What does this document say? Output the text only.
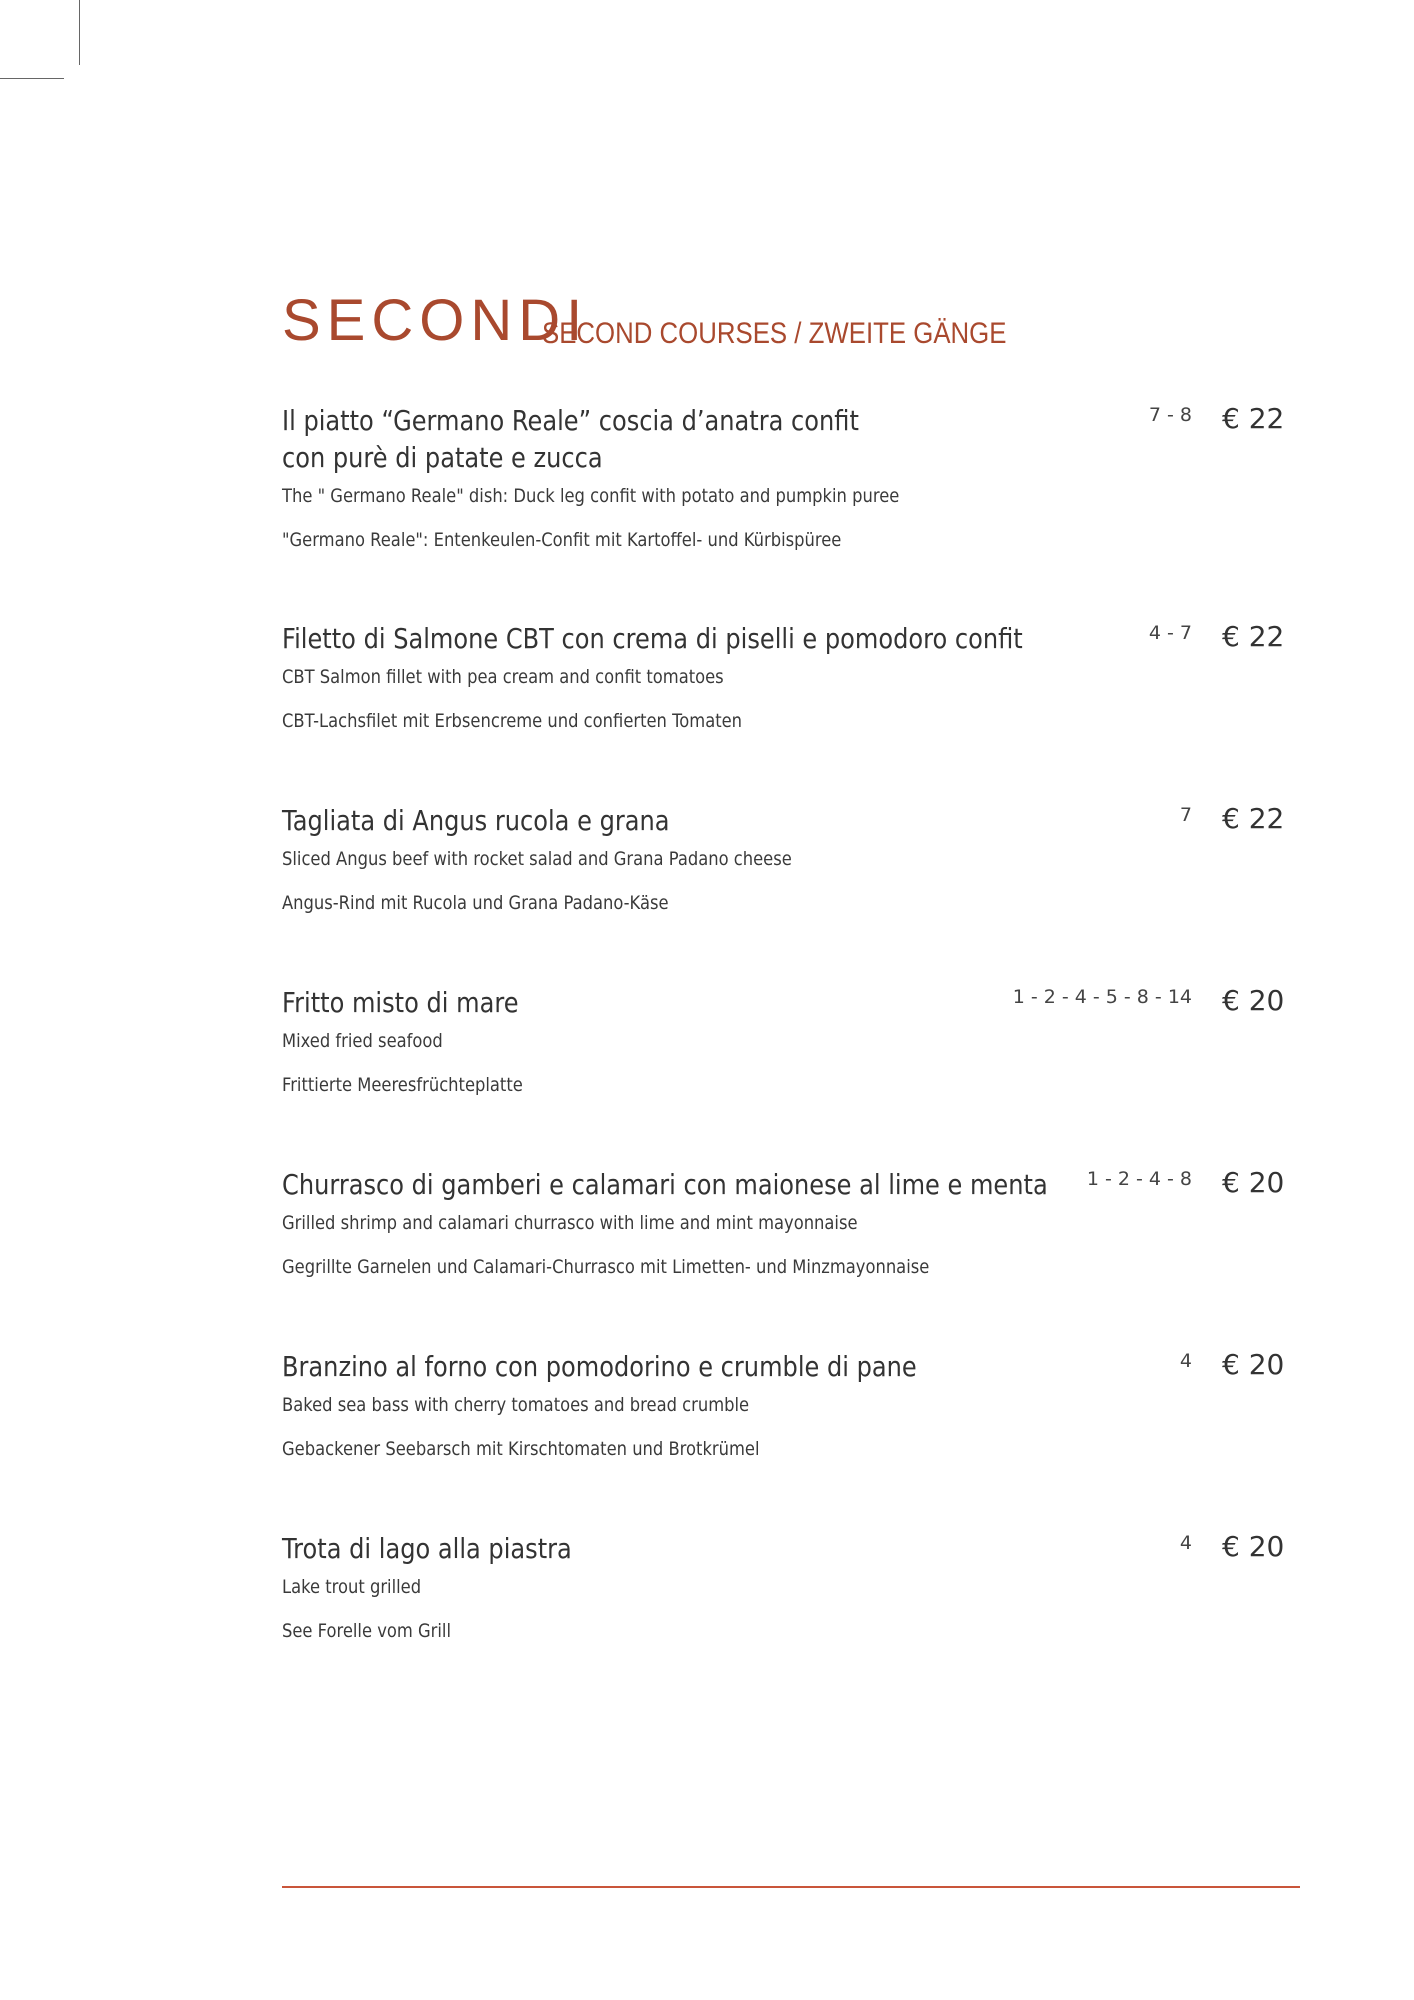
SECONDI
SECOND COURSES / ZWEITE GÄNGE
Il piatto “Germano Reale” coscia d’anatra confit con purè di patate e zucca
The " Germano Reale" dish: Duck leg confit with potato and pumpkin puree
"Germano Reale": Entenkeulen-Confit mit Kartoffel- und Kürbispüree
7 - 8 € 22
Filetto di Salmone CBT con crema di piselli e pomodoro confit
CBT Salmon fillet with pea cream and confit tomatoes
CBT-Lachsfilet mit Erbsencreme und confierten Tomaten
4 - 7 € 22
Tagliata di Angus rucola e grana
Sliced Angus beef with rocket salad and Grana Padano cheese
Angus-Rind mit Rucola und Grana Padano-Käse
7 € 22
Fritto misto di mare
Mixed fried seafood
Frittierte Meeresfrüchteplatte
1 - 2 - 4 - 5 - 8 - 14 € 20
Churrasco di gamberi e calamari con maionese al lime e menta
Grilled shrimp and calamari churrasco with lime and mint mayonnaise
Gegrillte Garnelen und Calamari-Churrasco mit Limetten- und Minzmayonnaise
1 - 2 - 4 - 8 € 20
Branzino al forno con pomodorino e crumble di pane
Baked sea bass with cherry tomatoes and bread crumble
Gebackener Seebarsch mit Kirschtomaten und Brotkrümel
4 € 20
Trota di lago alla piastra
Lake trout grilled
See Forelle vom Grill
4 € 20
